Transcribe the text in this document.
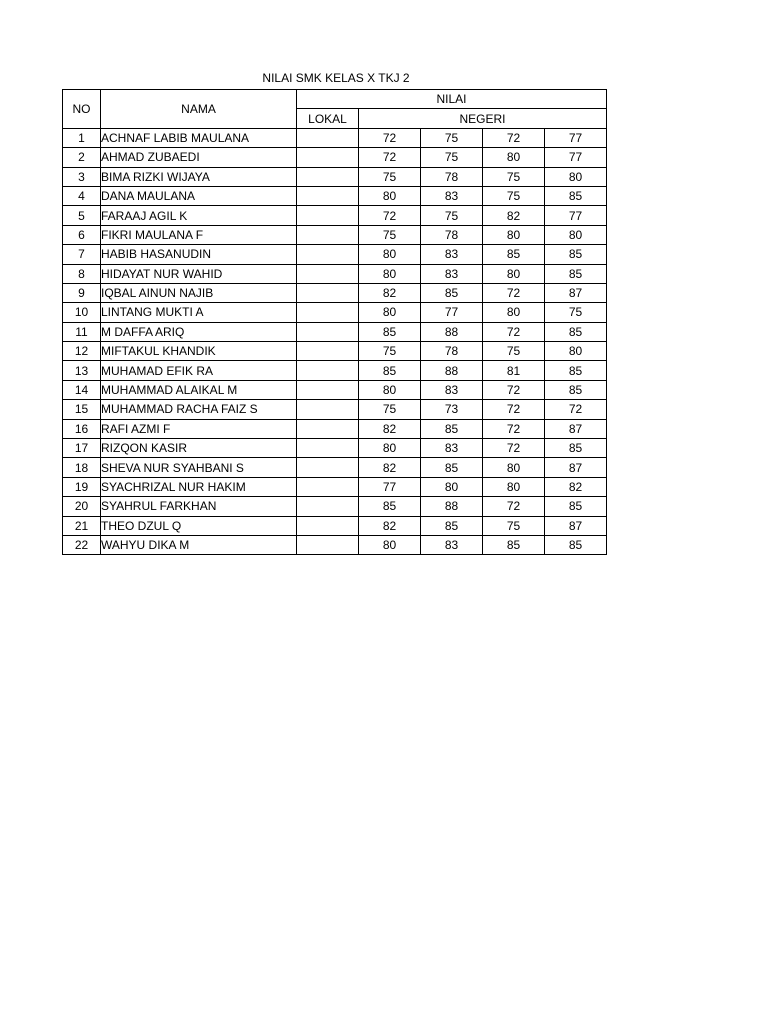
NILAI SMK KELAS X TKJ 2
NO	NAMA	NILAI				
		LOKAL	NEGERI			
1	ACHNAF LABIB MAULANA		72	75	72	77
2	AHMAD ZUBAEDI		72	75	80	77
3	BIMA RIZKI WIJAYA		75	78	75	80
4	DANA MAULANA		80	83	75	85
5	FARAAJ AGIL K		72	75	82	77
6	FIKRI MAULANA F		75	78	80	80
7	HABIB HASANUDIN		80	83	85	85
8	HIDAYAT NUR WAHID		80	83	80	85
9	IQBAL AINUN NAJIB		82	85	72	87
10	LINTANG MUKTI A		80	77	80	75
11	M DAFFA ARIQ		85	88	72	85
12	MIFTAKUL KHANDIK		75	78	75	80
13	MUHAMAD EFIK RA		85	88	81	85
14	MUHAMMAD ALAIKAL M		80	83	72	85
15	MUHAMMAD RACHA FAIZ S		75	73	72	72
16	RAFI AZMI F		82	85	72	87
17	RIZQON KASIR		80	83	72	85
18	SHEVA NUR SYAHBANI S		82	85	80	87
19	SYACHRIZAL NUR HAKIM		77	80	80	82
20	SYAHRUL FARKHAN		85	88	72	85
21	THEO DZUL Q		82	85	75	87
22	WAHYU DIKA M		80	83	85	85
